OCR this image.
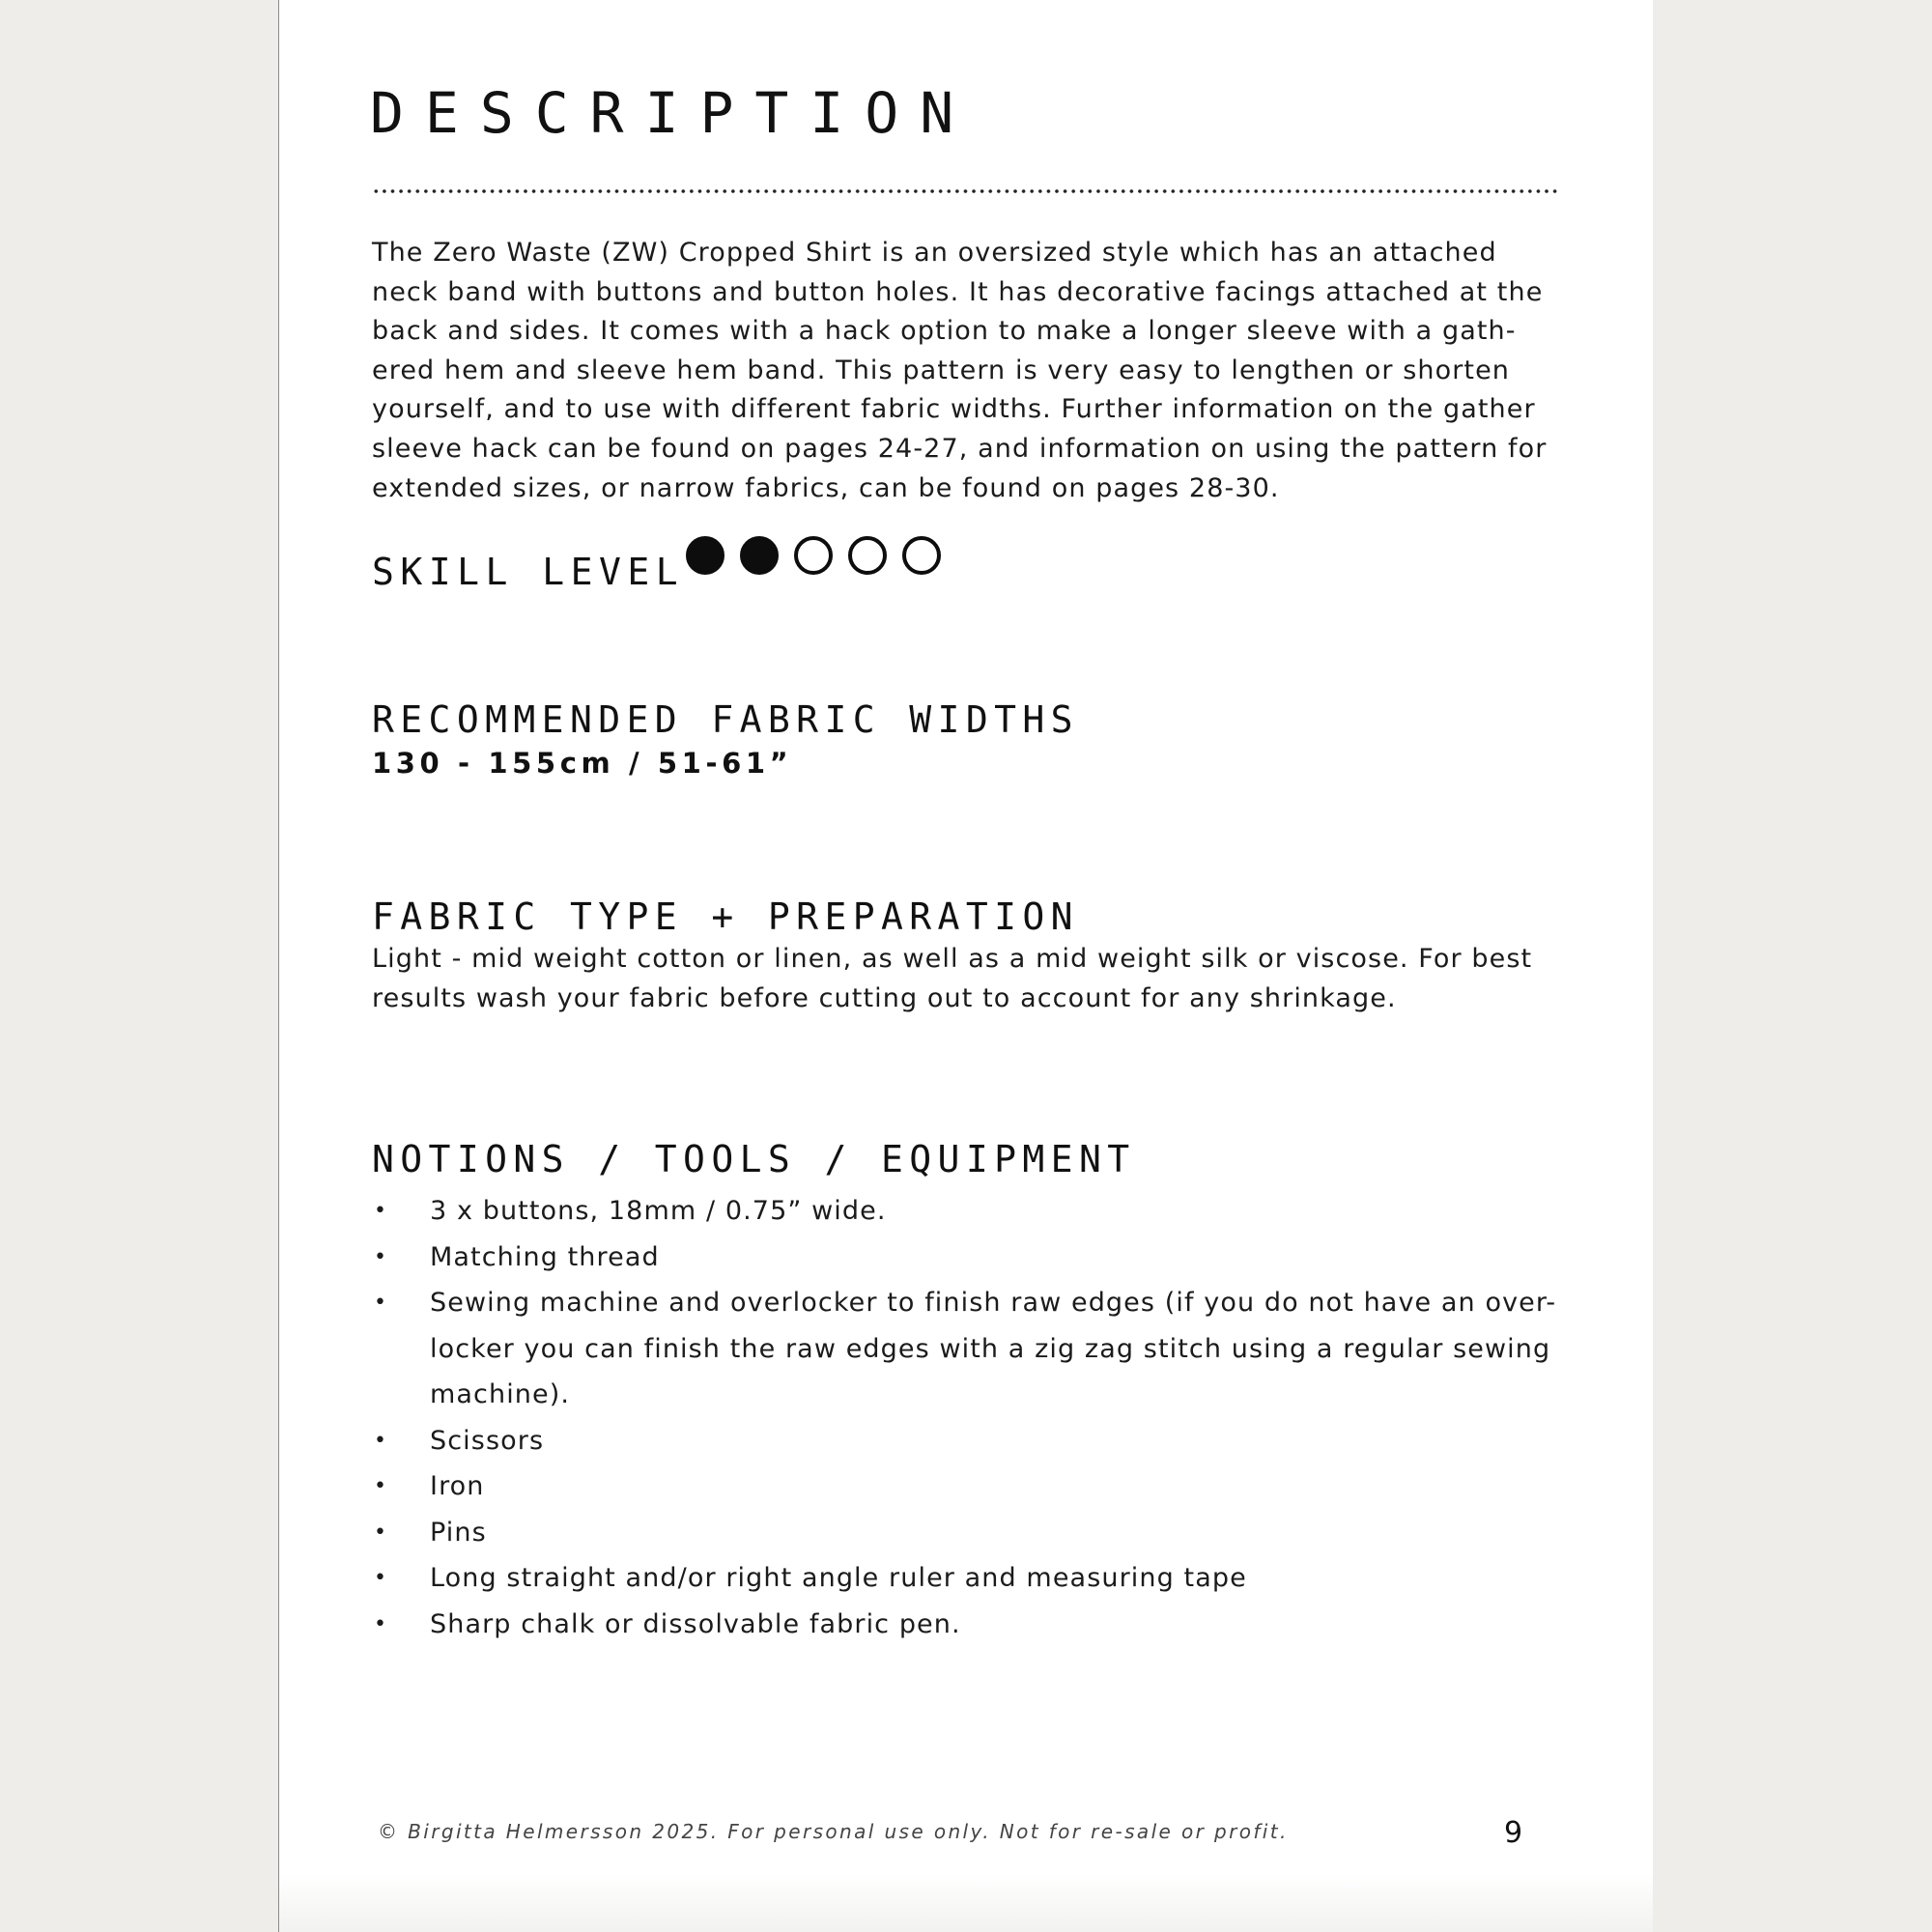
DESCRIPTION

The Zero Waste (ZW) Cropped Shirt is an oversized style which has an attached neck band with buttons and button holes. It has decorative facings attached at the back and sides. It comes with a hack option to make a longer sleeve with a gath-ered hem and sleeve hem band. This pattern is very easy to lengthen or shorten yourself, and to use with different fabric widths. Further information on the gather sleeve hack can be found on pages 24-27, and information on using the pattern for extended sizes, or narrow fabrics, can be found on pages 28-30.

SKILL LEVEL
RECOMMENDED FABRIC WIDTHS

130 - 155cm / 51-61”

FABRIC TYPE + PREPARATION

Light - mid weight cotton or linen, as well as a mid weight silk or viscose. For best results wash your fabric before cutting out to account for any shrinkage.

NOTIONS / TOOLS / EQUIPMENT
• 3 x buttons, 18mm / 0.75” wide.
• Matching thread
• Sewing machine and overlocker to finish raw edges (if you do not have an over-locker you can finish the raw edges with a zig zag stitch using a regular sewing machine).
• Scissors
• Iron
• Pins
• Long straight and/or right angle ruler and measuring tape
• Sharp chalk or dissolvable fabric pen.

© Birgitta Helmersson 2025. For personal use only. Not for re-sale or profit.	9
